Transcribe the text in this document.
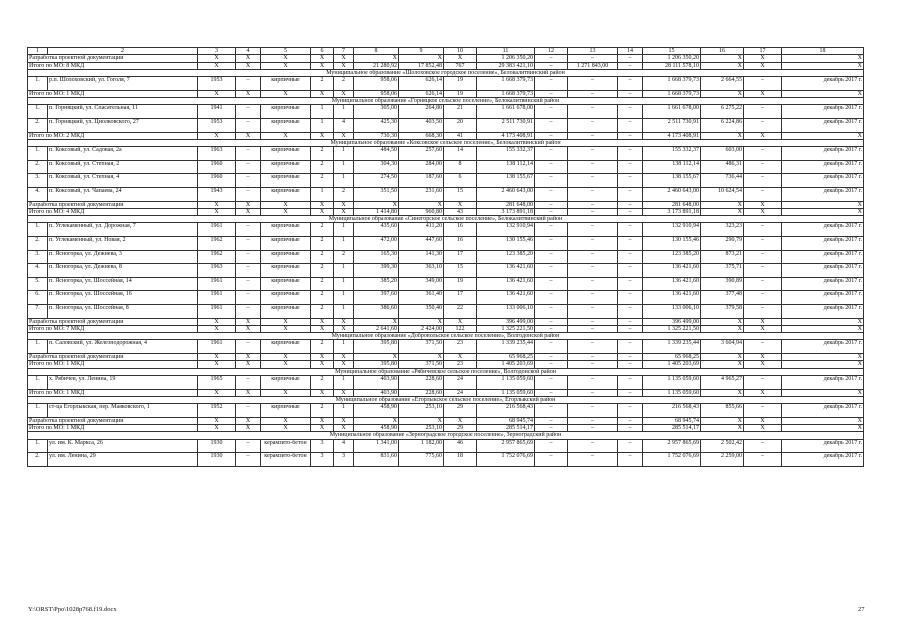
1	2	3	4	5	6	7	8	9	10	11	12	13	14	15	16	17	18
Разработка проектной документации		Х	Х	Х	Х	Х	Х	Х	Х	1 206 350,20	–	–	–	1 206 350,20	Х	Х	Х
Итого по МО: 8 МКД		Х	Х	Х	Х	Х	21 280,92	17 852,48	767	29 383 421,10	–	1 271 843,00	–	28 111 578,10	Х	Х	Х
Муниципальное образование «Шолоховское городское поселение», Белокалитвинский район																	
1.	р.п. Шолоховский, ул. Гоголя, 7	1953	–	кирпичные	2	2	958,06	626,14	19	1 668 379,73	–	–	–	1 668 379,73	2 664,55	–	декабрь 2017 г.
Итого по МО: 1 МКД		Х	Х	Х	Х	Х	958,06	626,14	19	1 668 379,73	–	–	–	1 668 379,73	Х	Х	Х
Муниципальное образование «Горняцкое сельское поселение», Белокалитвинский район																	
1.	п. Горняцкий, ул. Спасательная, 11	1941	–	кирпичные	1	1	305,00	264,80	21	1 661 678,00	–	–	–	1 661 678,00	6 275,22	–	декабрь 2017 г.
2.	п. Горняцкий, ул. Циолковского, 27	1953	–	кирпичные	1	4	425,30	403,50	20	2 511 730,91	–	–	–	2 511 730,91	6 224,86	–	декабрь 2017 г.
Итого по МО: 2 МКД		Х	Х	Х	Х	Х	730,30	668,30	41	4 173 408,91	–	–	–	4 173 408,91	Х	Х	Х
Муниципальное образование «Коксовское сельское поселение», Белокалитвинский район																	
1.	п. Коксовый, ул. Садовая, 2а	1963	–	кирпичные	2	1	484,50	257,60	14	155 332,37	–	–	–	155 332,37	603,00	–	декабрь 2017 г.
2.	п. Коксовый, ул. Степная, 2	1960	–	кирпичные	2	1	304,30	284,00	8	138 112,14	–	–	–	138 112,14	486,31	–	декабрь 2017 г.
3.	п. Коксовый, ул. Степная, 4	1960	–	кирпичные	2	1	274,50	187,60	6	138 155,67	–	–	–	138 155,67	736,44	–	декабрь 2017 г.
4.	п. Коксовый, ул. Чапаева, 24	1943	–	кирпичные	1	2	351,50	231,60	15	2 460 643,00	–	–	–	2 460 643,00	10 624,54	–	декабрь 2017 г.
Разработка проектной документации		Х	Х	Х	Х	Х	Х	Х	Х	281 648,00	–	–	–	281 648,00	Х	Х	Х
Итого по МО: 4 МКД		Х	Х	Х	Х	Х	1 414,80	960,80	43	3 173 891,18	–	–	–	3 173 891,18	Х	Х	Х
Муниципальное образование «Синегорское сельское поселение», Белокалитвинский район																	
1.	п. Углекаменный, ул. Дорожная, 7	1961	–	кирпичные	2	1	435,60	411,20	16	132 910,94	–	–	–	132 910,94	323,23	–	декабрь 2017 г.
2.	п. Углекаменный, ул. Новая, 2	1962	–	кирпичные	2	1	472,00	447,60	16	130 155,46	–	–	–	130 155,46	290,79	–	декабрь 2017 г.
3.	п. Ясногорка, ул. Дежнева, 3	1962	–	кирпичные	2	2	165,30	141,30	17	123 385,20	–	–	–	123 385,20	873,21	–	декабрь 2017 г.
4.	п. Ясногорка, ул. Дежнева, 8	1963	–	кирпичные	2	1	399,30	363,10	15	136 421,60	–	–	–	136 421,60	375,71	–	декабрь 2017 г.
5.	п. Ясногорка, ул. Шоссейная, 14	1961	–	кирпичные	2	1	385,20	349,00	19	136 421,60	–	–	–	136 421,60	390,89	–	декабрь 2017 г.
6.	п. Ясногорка, ул. Шоссейная, 16	1961	–	кирпичные	2	1	397,60	361,40	17	136 421,60	–	–	–	136 421,60	377,48	–	декабрь 2017 г.
7.	п. Ясногорка, ул. Шоссейная, 8	1961	–	кирпичные	2	1	386,60	350,40	22	133 006,10	–	–	–	133 006,10	379,58	–	декабрь 2017 г.
Разработка проектной документации		Х	Х	Х	Х	Х	Х	Х	Х	396 499,00	–	–	–	396 499,00	Х	Х	Х
Итого по МО: 7 МКД		Х	Х	Х	Х	Х	2 641,60	2 424,00	122	1 325 221,50	–	–	–	1 325 221,50	Х	Х	Х
Муниципальное образование «Добровольское сельское поселение», Волгодонской район																	
1.	п. Саловский, ул. Железнодорожная, 4	1961	–	кирпичные	2	1	395,80	371,50	23	1 339 235,44	–	–	–	1 339 235,44	3 604,94	–	декабрь 2017 г.
Разработка проектной документации		Х	Х	Х	Х	Х	Х	Х	Х	65 968,25	–	–	–	65 968,25	Х	Х	Х
Итого по МО: 1 МКД		Х	Х	Х	Х	Х	395,80	371,50	23	1 405 203,69	–	–	–	1 405 203,69	Х	Х	Х
Муниципальное образование «Рябичевское сельское поселение», Волгодонской район																	
1.	х. Рябичев, ул. Ленина, 19	1965	–	кирпичные	2	1	403,90	228,60	24	1 135 059,60	–	–	–	1 135 059,60	4 965,27	–	декабрь 2017 г.
Итого по МО: 1 МКД		Х	Х	Х	Х	Х	403,90	228,60	24	1 135 059,60	–	–	–	1 135 059,60	Х	Х	Х
Муниципальное образование «Егорлыкское сельское поселение», Егорлыкский район																	
1.	ст-ца Егорлыкская, пер. Маяковского, 1	1952	–	кирпичные	2	1	458,90	253,10	29	216 568,43	–	–	–	216 568,43	855,66	–	декабрь 2017 г.
Разработка проектной документации		Х	Х	Х	Х	Х	Х	Х	Х	68 945,74	–	–	–	68 945,74	Х	Х	Х
Итого по МО: 1 МКД		Х	Х	Х	Х	Х	458,90	253,10	29	285 514,17	–	–	–	285 514,17	Х	Х	Х
Муниципальное образование «Зерноградское городское поселение», Зерноградский район																	
1.	ул. им. К. Маркса, 26	1930	–	керамзито-бетон	3	4	1 341,00	1 182,00	46	2 957 865,69	–	–	–	2 957 865,69	2 502,42	–	декабрь 2017 г.
2.	ул. им. Ленина, 29	1930	–	керамзито-бетон	3	3	831,60	775,60	18	1 752 076,69	–	–	–	1 752 076,69	2 259,00	–	декабрь 2017 г.
Y:\ORST\Ppo\1028p768.f19.docx	27
